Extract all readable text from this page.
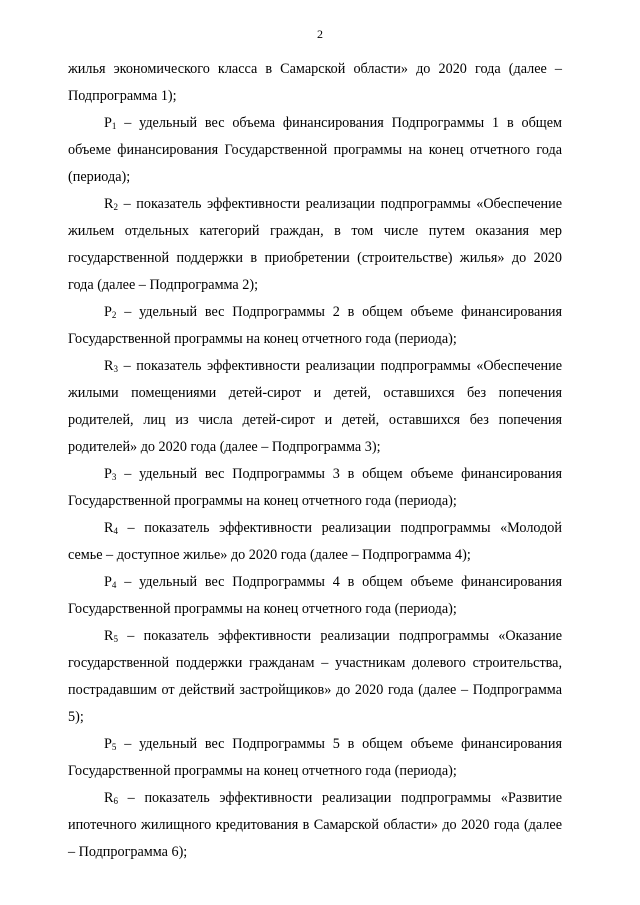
2

жилья экономического класса в Самарской области» до 2020 года (далее – Подпрограмма 1);

$P_1$ – удельный вес объема финансирования Подпрограммы 1 в общем объеме финансирования Государственной программы на конец отчетного года (периода);

$R_2$ – показатель эффективности реализации подпрограммы «Обеспечение жильем отдельных категорий граждан, в том числе путем оказания мер государственной поддержки в приобретении (строительстве) жилья» до 2020 года (далее – Подпрограмма 2);

$P_2$ – удельный вес Подпрограммы 2 в общем объеме финансирования Государственной программы на конец отчетного года (периода);

$R_3$ – показатель эффективности реализации подпрограммы «Обеспечение жилыми помещениями детей-сирот и детей, оставшихся без попечения родителей, лиц из числа детей-сирот и детей, оставшихся без попечения родителей» до 2020 года (далее – Подпрограмма 3);

$P_3$ – удельный вес Подпрограммы 3 в общем объеме финансирования Государственной программы на конец отчетного года (периода);

$R_4$ – показатель эффективности реализации подпрограммы «Молодой семье – доступное жилье» до 2020 года (далее – Подпрограмма 4);

$P_4$ – удельный вес Подпрограммы 4 в общем объеме финансирования Государственной программы на конец отчетного года (периода);

$R_5$ – показатель эффективности реализации подпрограммы «Оказание государственной поддержки гражданам – участникам долевого строительства, пострадавшим от действий застройщиков» до 2020 года (далее – Подпрограмма 5);

$P_5$ – удельный вес Подпрограммы 5 в общем объеме финансирования Государственной программы на конец отчетного года (периода);

$R_6$ – показатель эффективности реализации подпрограммы «Развитие ипотечного жилищного кредитования в Самарской области» до 2020 года (далее – Подпрограмма 6);
